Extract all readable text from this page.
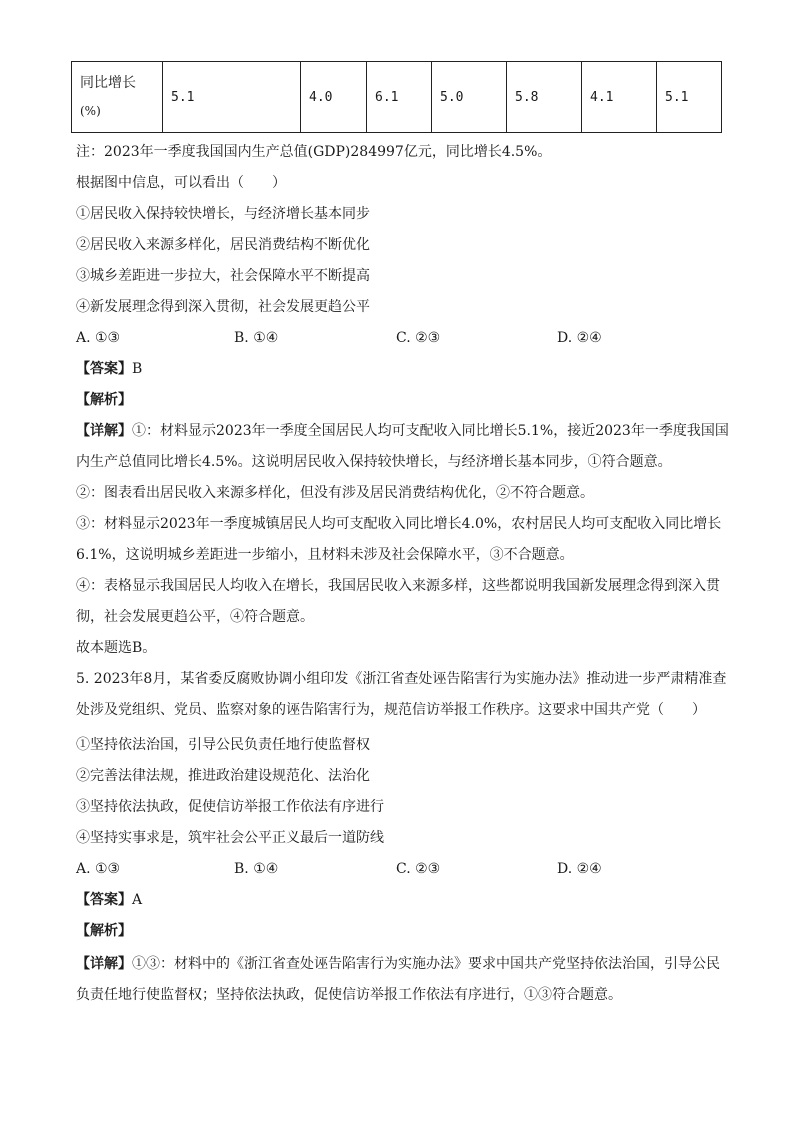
同比增长
(%)
	5.1	4.0	6.1	5.0	5.8	4.1	5.1
注：2023年一季度我国国内生产总值(GDP)284997亿元，同比增长4.5%。
根据图中信息，可以看出（　　）
①居民收入保持较快增长，与经济增长基本同步
②居民收入来源多样化，居民消费结构不断优化
③城乡差距进一步拉大，社会保障水平不断提高
④新发展理念得到深入贯彻，社会发展更趋公平
A. ①③	B. ①④	C. ②③	D. ②④
【答案】B
【解析】
【详解】①：材料显示2023年一季度全国居民人均可支配收入同比增长5.1%，接近2023年一季度我国国
内生产总值同比增长4.5%。这说明居民收入保持较快增长，与经济增长基本同步，①符合题意。
②：图表看出居民收入来源多样化，但没有涉及居民消费结构优化，②不符合题意。
③：材料显示2023年一季度城镇居民人均可支配收入同比增长4.0%，农村居民人均可支配收入同比增长
6.1%，这说明城乡差距进一步缩小，且材料未涉及社会保障水平，③不合题意。
④：表格显示我国居民人均收入在增长，我国居民收入来源多样，这些都说明我国新发展理念得到深入贯
彻，社会发展更趋公平，④符合题意。
故本题选B。
5. 2023年8月，某省委反腐败协调小组印发《浙江省查处诬告陷害行为实施办法》推动进一步严肃精准查
处涉及党组织、党员、监察对象的诬告陷害行为，规范信访举报工作秩序。这要求中国共产党（　　）
①坚持依法治国，引导公民负责任地行使监督权
②完善法律法规，推进政治建设规范化、法治化
③坚持依法执政，促使信访举报工作依法有序进行
④坚持实事求是，筑牢社会公平正义最后一道防线
A. ①③	B. ①④	C. ②③	D. ②④
【答案】A
【解析】
【详解】①③：材料中的《浙江省查处诬告陷害行为实施办法》要求中国共产党坚持依法治国，引导公民
负责任地行使监督权；坚持依法执政，促使信访举报工作依法有序进行，①③符合题意。
